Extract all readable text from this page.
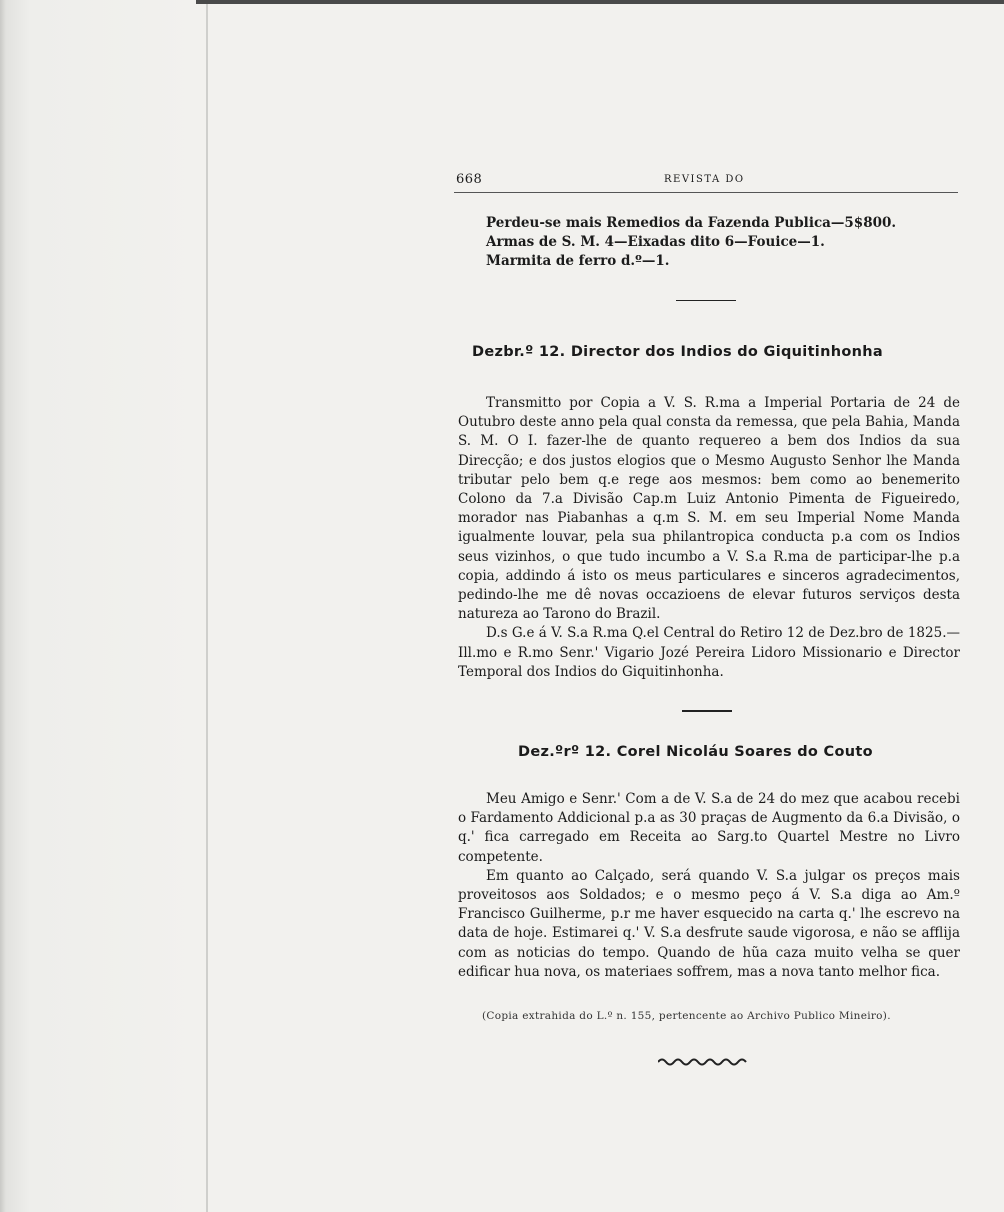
668	REVISTA DO
Perdeu-se mais Remedios da Fazenda Publica—5$800.
Armas de S. M. 4—Eixadas dito 6—Fouice—1.
Marmita de ferro d.º—1.
Dezbr.º 12. Director dos Indios do Giquitinhonha

Transmitto por Copia a V. S. R.ma a Imperial Portaria de 24 de Outubro deste anno pela qual consta da remessa, que pela Bahia, Manda S. M. O I. fazer-lhe de quanto requereo a bem dos Indios da sua Direcção; e dos justos elogios que o Mesmo Augusto Senhor lhe Manda tributar pelo bem q.e rege aos mesmos: bem como ao benemerito Colono da 7.a Divisão Cap.m Luiz Antonio Pimenta de Figueiredo, morador nas Piabanhas a q.m S. M. em seu Imperial Nome Manda igualmente louvar, pela sua philantropica conducta p.a com os Indios seus vizinhos, o que tudo incumbo a V. S.a R.ma de participar-lhe p.a copia, addindo á isto os meus particulares e sinceros agradecimentos, pedindo-lhe me dê novas occazioens de elevar futuros serviços desta natureza ao Tarono do Brazil.

D.s G.e á V. S.a R.ma Q.el Central do Retiro 12 de Dez.bro de 1825.—Ill.mo e R.mo Senr.' Vigario Jozé Pereira Lidoro Missionario e Director Temporal dos Indios do Giquitinhonha.

Dez.ºrº 12. Corel Nicoláu Soares do Couto

Meu Amigo e Senr.' Com a de V. S.a de 24 do mez que acabou recebi o Fardamento Addicional p.a as 30 praças de Augmento da 6.a Divisão, o q.' fica carregado em Receita ao Sarg.to Quartel Mestre no Livro competente.

Em quanto ao Calçado, será quando V. S.a julgar os preços mais proveitosos aos Soldados; e o mesmo peço á V. S.a diga ao Am.º Francisco Guilherme, p.r me haver esquecido na carta q.' lhe escrevo na data de hoje. Estimarei q.' V. S.a desfrute saude vigorosa, e não se afflija com as noticias do tempo. Quando de hũa caza muito velha se quer edificar hua nova, os materiaes soffrem, mas a nova tanto melhor fica.

(Copia extrahida do L.º n. 155, pertencente ao Archivo Publico Mineiro).
